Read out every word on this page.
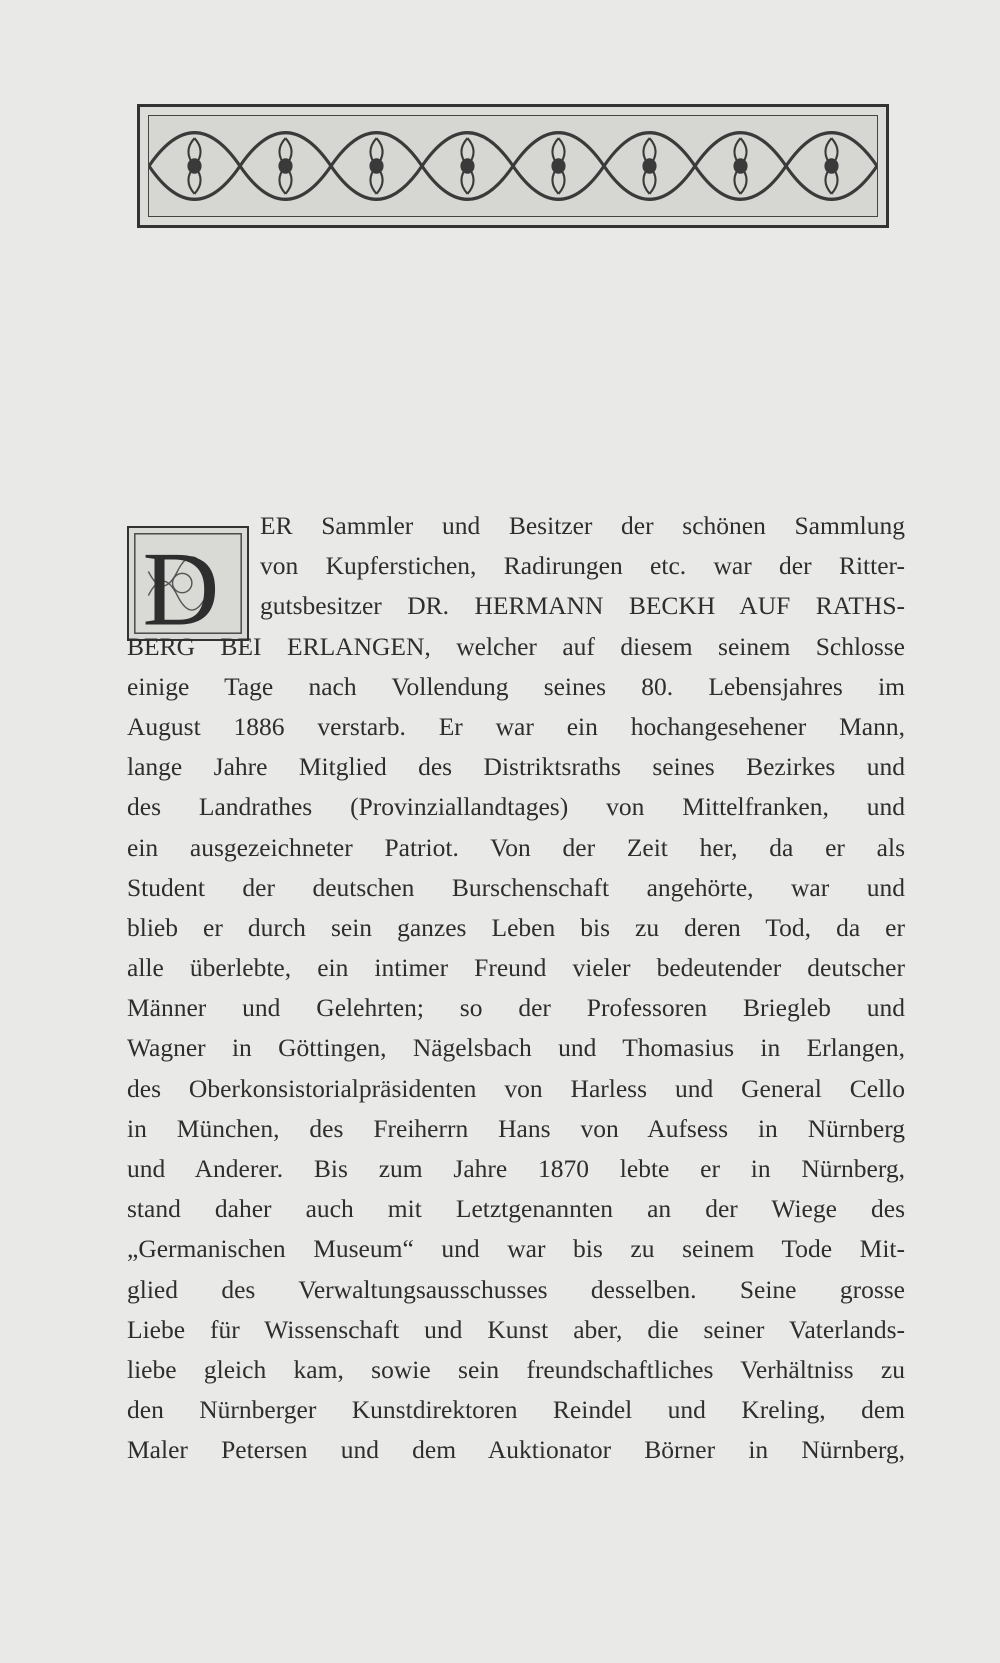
D
ER Sammler und Besitzer der schönen Sammlung
von Kupferstichen, Radirungen etc. war der Ritter-
gutsbesitzer DR. HERMANN BECKH AUF RATHS-
BERG BEI ERLANGEN, welcher auf diesem seinem Schlosse
einige Tage nach Vollendung seines 80. Lebensjahres im
August 1886 verstarb. Er war ein hochangesehener Mann,
lange Jahre Mitglied des Distriktsraths seines Bezirkes und
des Landrathes (Provinziallandtages) von Mittelfranken, und
ein ausgezeichneter Patriot. Von der Zeit her, da er als
Student der deutschen Burschenschaft angehörte, war und
blieb er durch sein ganzes Leben bis zu deren Tod, da er
alle überlebte, ein intimer Freund vieler bedeutender deutscher
Männer und Gelehrten; so der Professoren Briegleb und
Wagner in Göttingen, Nägelsbach und Thomasius in Erlangen,
des Oberkonsistorialpräsidenten von Harless und General Cello
in München, des Freiherrn Hans von Aufsess in Nürnberg
und Anderer. Bis zum Jahre 1870 lebte er in Nürnberg,
stand daher auch mit Letztgenannten an der Wiege des
„Germanischen Museum“ und war bis zu seinem Tode Mit-
glied des Verwaltungsausschusses desselben. Seine grosse
Liebe für Wissenschaft und Kunst aber, die seiner Vaterlands-
liebe gleich kam, sowie sein freundschaftliches Verhältniss zu
den Nürnberger Kunstdirektoren Reindel und Kreling, dem
Maler Petersen und dem Auktionator Börner in Nürnberg,
